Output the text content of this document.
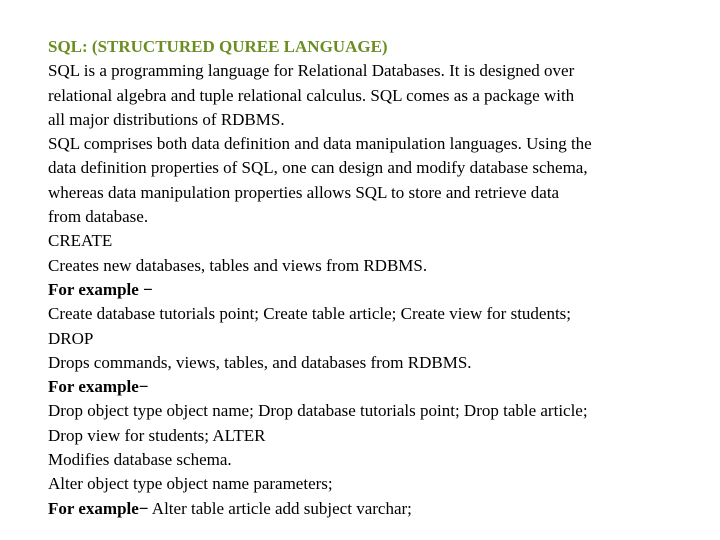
SQL: (STRUCTURED QUREE LANGUAGE)
SQL is a programming language for Relational Databases. It is designed over
relational algebra and tuple relational calculus. SQL comes as a package with
all major distributions of RDBMS.
SQL comprises both data definition and data manipulation languages. Using the
data definition properties of SQL, one can design and modify database schema,
whereas data manipulation properties allows SQL to store and retrieve data
from database.
CREATE
Creates new databases, tables and views from RDBMS.
For example −
Create database tutorials point; Create table article; Create view for students;
DROP
Drops commands, views, tables, and databases from RDBMS.
For example−
Drop object type object name; Drop database tutorials point; Drop table article;
Drop view for students; ALTER
Modifies database schema.
Alter object type object name parameters;
For example− Alter table article add subject varchar;
